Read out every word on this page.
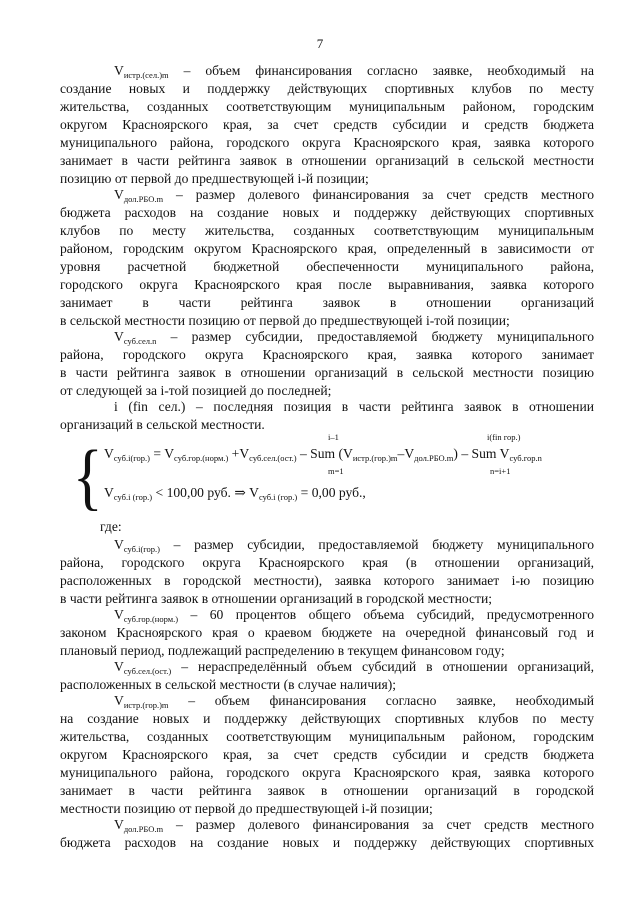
7
$V_{истр.(сел.)m}$ – объем финансирования согласно заявке, необходимый на
создание новых и поддержку действующих спортивных клубов по месту
жительства, созданных соответствующим муниципальным районом, городским
округом Красноярского края, за счет средств субсидии и средств бюджета
муниципального района, городского округа Красноярского края, заявка которого
занимает в части рейтинга заявок в отношении организаций в сельской местности
позицию от первой до предшествующей i-й позиции;
$V_{дол.РБО.m}$ – размер долевого финансирования за счет средств местного
бюджета расходов на создание новых и поддержку действующих спортивных
клубов по месту жительства, созданных соответствующим муниципальным
районом, городским округом Красноярского края, определенный в зависимости от
уровня расчетной бюджетной обеспеченности муниципального района,
городского округа Красноярского края после выравнивания, заявка которого
занимает в части рейтинга заявок в отношении организаций
в сельской местности позицию от первой до предшествующей i-той позиции;
$V_{суб.сел.n}$ – размер субсидии, предоставляемой бюджету муниципального
района, городского округа Красноярского края, заявка которого занимает
в части рейтинга заявок в отношении организаций в сельской местности позицию
от следующей за i-той позицией до последней;
i (fin сел.) – последняя позиция в части рейтинга заявок в отношении
организаций в сельской местности.
{	i–1	i(fin гор.)
$V_{суб.i(гор.)} = V_{суб.гор.(норм.)} +V_{суб.сел.(ост.)}$ – Sum $(V_{истр.(гор.)m}-V_{дол.РБО.m})$ – Sum $V_{суб.гор.n}$
m=1	n=i+1
$V_{суб.i (гор.)} < 100,00$ руб. ⇒ $V_{суб.i (гор.)} = 0,00$ руб.,
где:
$V_{суб.i(гор.)}$ – размер субсидии, предоставляемой бюджету муниципального
района, городского округа Красноярского края (в отношении организаций,
расположенных в городской местности), заявка которого занимает i-ю позицию
в части рейтинга заявок в отношении организаций в городской местности;
$V_{суб.гор.(норм.)} - 60$ процентов общего объема субсидий, предусмотренного
законом Красноярского края о краевом бюджете на очередной финансовый год и
плановый период, подлежащий распределению в текущем финансовом году;
$V_{суб.сел.(ост.)}$ – нераспределённый объем субсидий в отношении организаций,
расположенных в сельской местности (в случае наличия);
$V_{истр.(гор.)m}$ – объем финансирования согласно заявке, необходимый
на создание новых и поддержку действующих спортивных клубов по месту
жительства, созданных соответствующим муниципальным районом, городским
округом Красноярского края, за счет средств субсидии и средств бюджета
муниципального района, городского округа Красноярского края, заявка которого
занимает в части рейтинга заявок в отношении организаций в городской
местности позицию от первой до предшествующей i-й позиции;
$V_{дол.РБО.m}$ – размер долевого финансирования за счет средств местного
бюджета расходов на создание новых и поддержку действующих спортивных
